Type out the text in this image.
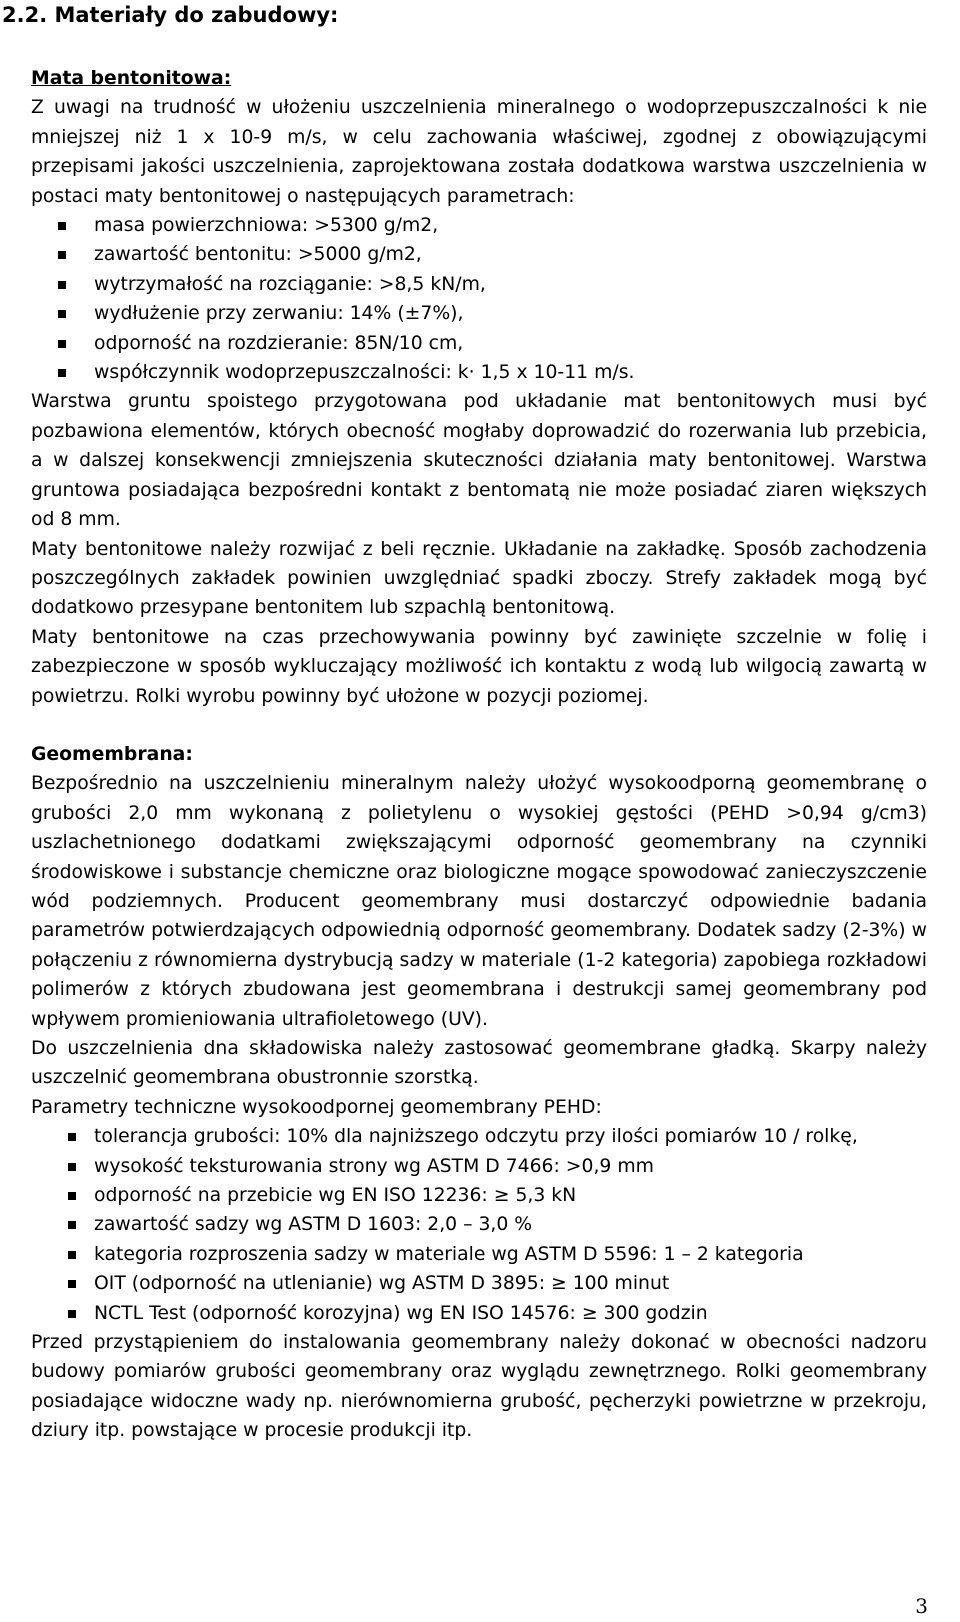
2.2. Materiały do zabudowy:

Mata bentonitowa:

Z uwagi na trudność w ułożeniu uszczelnienia mineralnego o wodoprzepuszczalności k nie mniejszej niż 1 x 10-9 m/s, w celu zachowania właściwej, zgodnej z obowiązującymi przepisami jakości uszczelnienia, zaprojektowana została dodatkowa warstwa uszczelnienia w postaci maty bentonitowej o następujących parametrach:

masa powierzchniowa: >5300 g/m2,
zawartość bentonitu: >5000 g/m2,
wytrzymałość na rozciąganie: >8,5 kN/m,
wydłużenie przy zerwaniu: 14% (±7%),
odporność na rozdzieranie: 85N/10 cm,
współczynnik wodoprzepuszczalności: k· 1,5 x 10-11 m/s.

Warstwa gruntu spoistego przygotowana pod układanie mat bentonitowych musi być pozbawiona elementów, których obecność mogłaby doprowadzić do rozerwania lub przebicia, a w dalszej konsekwencji zmniejszenia skuteczności działania maty bentonitowej. Warstwa gruntowa posiadająca bezpośredni kontakt z bentomatą nie może posiadać ziaren większych od 8 mm.

Maty bentonitowe należy rozwijać z beli ręcznie. Układanie na zakładkę. Sposób zachodzenia poszczególnych zakładek powinien uwzględniać spadki zboczy. Strefy zakładek mogą być dodatkowo przesypane bentonitem lub szpachlą bentonitową.

Maty bentonitowe na czas przechowywania powinny być zawinięte szczelnie w folię i zabezpieczone w sposób wykluczający możliwość ich kontaktu z wodą lub wilgocią zawartą w powietrzu. Rolki wyrobu powinny być ułożone w pozycji poziomej.

Geomembrana:

Bezpośrednio na uszczelnieniu mineralnym należy ułożyć wysokoodporną geomembranę o grubości 2,0 mm wykonaną z polietylenu o wysokiej gęstości (PEHD >0,94 g/cm3) uszlachetnionego dodatkami zwiększającymi odporność geomembrany na czynniki środowiskowe i substancje chemiczne oraz biologiczne mogące spowodować zanieczyszczenie wód podziemnych. Producent geomembrany musi dostarczyć odpowiednie badania parametrów potwierdzających odpowiednią odporność geomembrany. Dodatek sadzy (2-3%) w połączeniu z równomierna dystrybucją sadzy w materiale (1-2 kategoria) zapobiega rozkładowi polimerów z których zbudowana jest geomembrana i destrukcji samej geomembrany pod wpływem promieniowania ultrafioletowego (UV).

Do uszczelnienia dna składowiska należy zastosować geomembrane gładką. Skarpy należy uszczelnić geomembrana obustronnie szorstką.

Parametry techniczne wysokoodpornej geomembrany PEHD:

tolerancja grubości: 10% dla najniższego odczytu przy ilości pomiarów 10 / rolkę,
wysokość teksturowania strony wg ASTM D 7466: >0,9 mm
odporność na przebicie wg EN ISO 12236: ≥ 5,3 kN
zawartość sadzy wg ASTM D 1603: 2,0 – 3,0 %
kategoria rozproszenia sadzy w materiale wg ASTM D 5596: 1 – 2 kategoria
OIT (odporność na utlenianie) wg ASTM D 3895: ≥ 100 minut
NCTL Test (odporność korozyjna) wg EN ISO 14576: ≥ 300 godzin

Przed przystąpieniem do instalowania geomembrany należy dokonać w obecności nadzoru budowy pomiarów grubości geomembrany oraz wyglądu zewnętrznego. Rolki geomembrany posiadające widoczne wady np. nierównomierna grubość, pęcherzyki powietrzne w przekroju, dziury itp. powstające w procesie produkcji itp.

3
